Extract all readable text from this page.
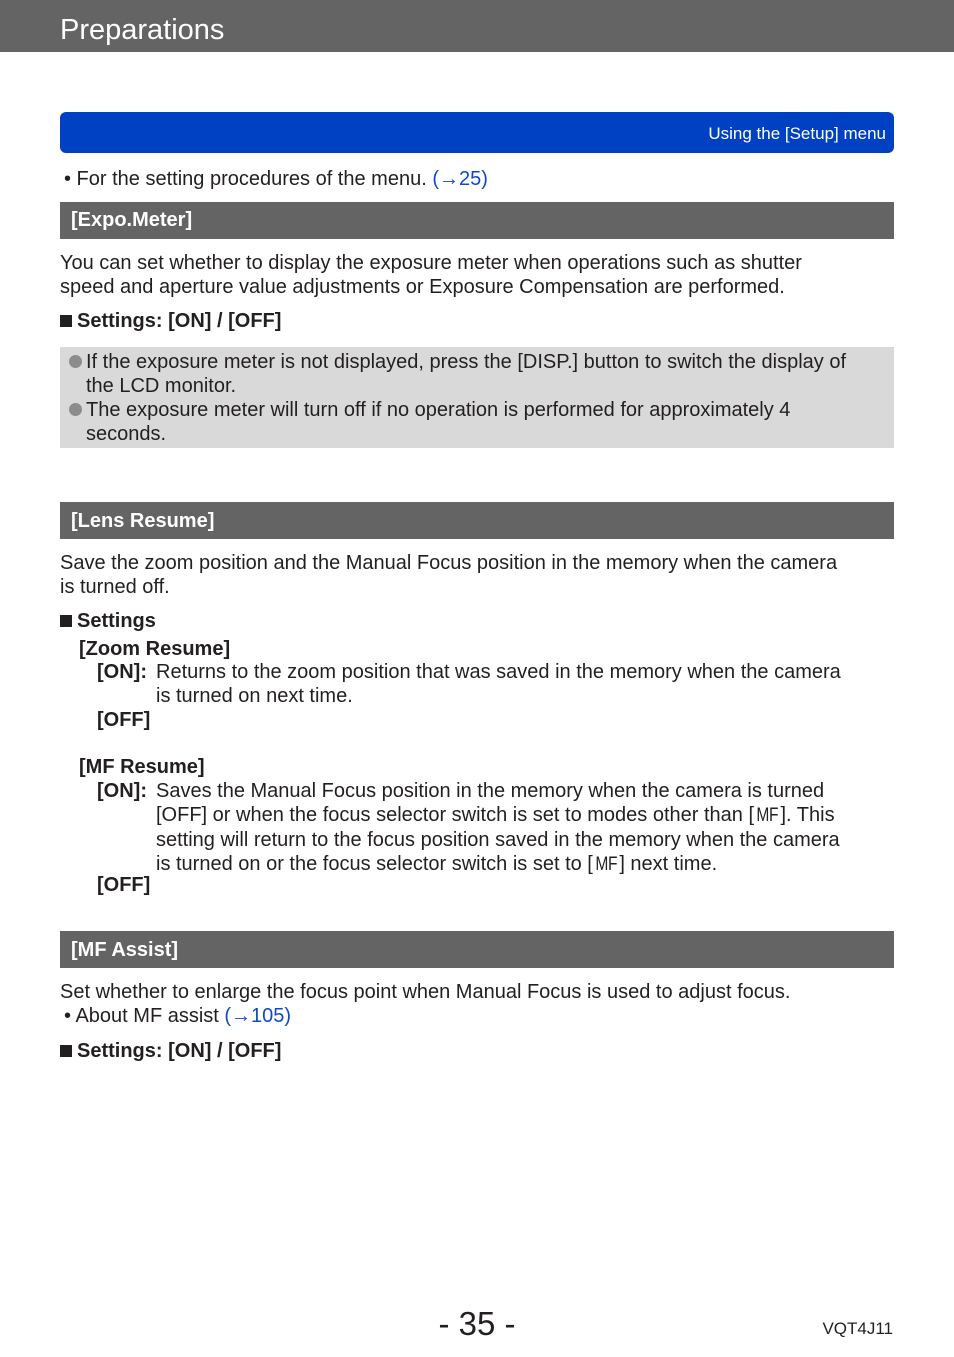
Preparations
Using the [Setup] menu
• For the setting procedures of the menu. (→25)
[Expo.Meter]
You can set whether to display the exposure meter when operations such as shutter
speed and aperture value adjustments or Exposure Compensation are performed.
Settings: [ON] / [OFF]
If the exposure meter is not displayed, press the [DISP.] button to switch the display of
the LCD monitor.
The exposure meter will turn off if no operation is performed for approximately 4
seconds.
[Lens Resume]
Save the zoom position and the Manual Focus position in the memory when the camera
is turned off.
Settings
[Zoom Resume]
[ON]: Returns to the zoom position that was saved in the memory when the camera
is turned on next time.
[OFF]
[MF Resume]
[ON]: Saves the Manual Focus position in the memory when the camera is turned
[OFF] or when the focus selector switch is set to modes other than [ MF ]. This
setting will return to the focus position saved in the memory when the camera
is turned on or the focus selector switch is set to [ MF ] next time.
[OFF]
[MF Assist]
Set whether to enlarge the focus point when Manual Focus is used to adjust focus.
• About MF assist (→105)
Settings: [ON] / [OFF]
- 35 -	VQT4J11
